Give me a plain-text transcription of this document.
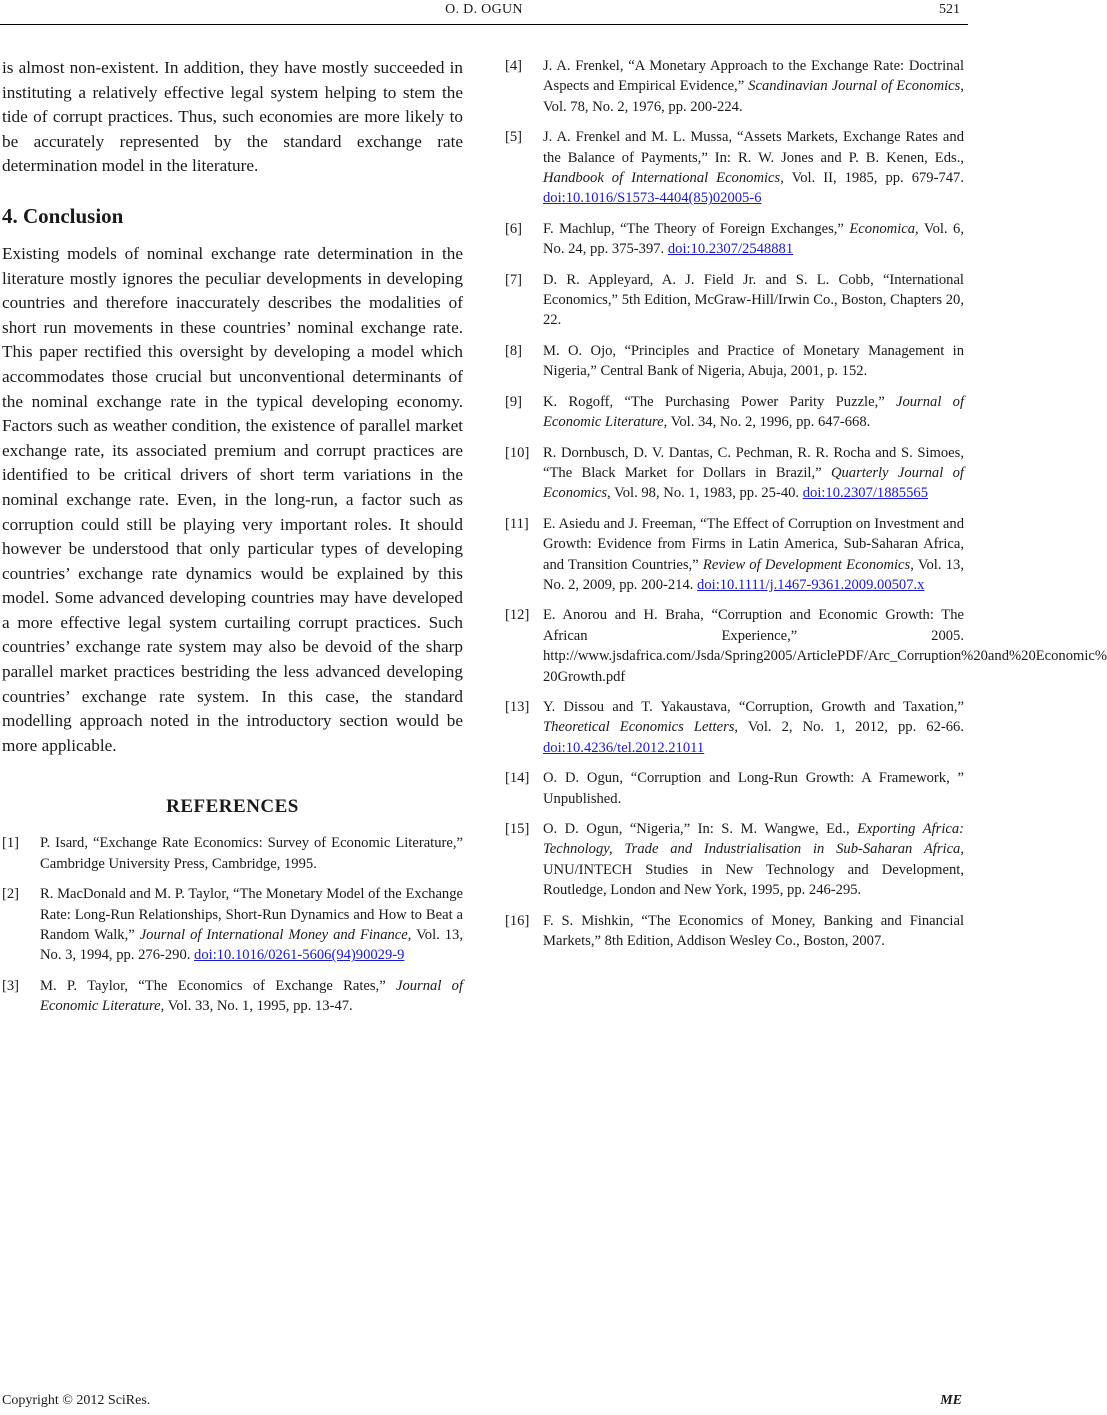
O. D. OGUN	521

is almost non-existent. In addition, they have mostly succeeded in instituting a relatively effective legal system helping to stem the tide of corrupt practices. Thus, such economies are more likely to be accurately represented by the standard exchange rate determination model in the literature.

4. Conclusion

Existing models of nominal exchange rate determination in the literature mostly ignores the peculiar developments in developing countries and therefore inaccurately describes the modalities of short run movements in these countries’ nominal exchange rate. This paper rectified this oversight by developing a model which accommodates those crucial but unconventional determinants of the nominal exchange rate in the typical developing economy. Factors such as weather condition, the existence of parallel market exchange rate, its associated premium and corrupt practices are identified to be critical drivers of short term variations in the nominal exchange rate. Even, in the long-run, a factor such as corruption could still be playing very important roles. It should however be understood that only particular types of developing countries’ exchange rate dynamics would be explained by this model. Some advanced developing countries may have developed a more effective legal system curtailing corrupt practices. Such countries’ exchange rate system may also be devoid of the sharp parallel market practices bestriding the less advanced developing countries’ exchange rate system. In this case, the standard modelling approach noted in the introductory section would be more applicable.

REFERENCES
[1] P. Isard, “Exchange Rate Economics: Survey of Economic Literature,” Cambridge University Press, Cambridge, 1995.
[2] R. MacDonald and M. P. Taylor, “The Monetary Model of the Exchange Rate: Long-Run Relationships, Short-Run Dynamics and How to Beat a Random Walk,” Journal of International Money and Finance, Vol. 13, No. 3, 1994, pp. 276-290. doi:10.1016/0261-5606(94)90029-9
[3] M. P. Taylor, “The Economics of Exchange Rates,” Journal of Economic Literature, Vol. 33, No. 1, 1995, pp. 13-47.
[4] J. A. Frenkel, “A Monetary Approach to the Exchange Rate: Doctrinal Aspects and Empirical Evidence,” Scandinavian Journal of Economics, Vol. 78, No. 2, 1976, pp. 200-224.
[5] J. A. Frenkel and M. L. Mussa, “Assets Markets, Exchange Rates and the Balance of Payments,” In: R. W. Jones and P. B. Kenen, Eds., Handbook of International Economics, Vol. II, 1985, pp. 679-747. doi:10.1016/S1573-4404(85)02005-6
[6] F. Machlup, “The Theory of Foreign Exchanges,” Economica, Vol. 6, No. 24, pp. 375-397. doi:10.2307/2548881
[7] D. R. Appleyard, A. J. Field Jr. and S. L. Cobb, “International Economics,” 5th Edition, McGraw-Hill/Irwin Co., Boston, Chapters 20, 22.
[8] M. O. Ojo, “Principles and Practice of Monetary Management in Nigeria,” Central Bank of Nigeria, Abuja, 2001, p. 152.
[9] K. Rogoff, “The Purchasing Power Parity Puzzle,” Journal of Economic Literature, Vol. 34, No. 2, 1996, pp. 647-668.
[10] R. Dornbusch, D. V. Dantas, C. Pechman, R. R. Rocha and S. Simoes, “The Black Market for Dollars in Brazil,” Quarterly Journal of Economics, Vol. 98, No. 1, 1983, pp. 25-40. doi:10.2307/1885565
[11] E. Asiedu and J. Freeman, “The Effect of Corruption on Investment and Growth: Evidence from Firms in Latin America, Sub-Saharan Africa, and Transition Countries,” Review of Development Economics, Vol. 13, No. 2, 2009, pp. 200-214. doi:10.1111/j.1467-9361.2009.00507.x
[12] E. Anorou and H. Braha, “Corruption and Economic Growth: The African Experience,” 2005. http://www.jsdafrica.com/Jsda/Spring2005/ArticlePDF/Arc_Corruption%20and%20Economic% 20Growth.pdf
[13] Y. Dissou and T. Yakaustava, “Corruption, Growth and Taxation,” Theoretical Economics Letters, Vol. 2, No. 1, 2012, pp. 62-66. doi:10.4236/tel.2012.21011
[14] O. D. Ogun, “Corruption and Long-Run Growth: A Framework, ” Unpublished.
[15] O. D. Ogun, “Nigeria,” In: S. M. Wangwe, Ed., Exporting Africa: Technology, Trade and Industrialisation in Sub-Saharan Africa, UNU/INTECH Studies in New Technology and Development, Routledge, London and New York, 1995, pp. 246-295.
[16] F. S. Mishkin, “The Economics of Money, Banking and Financial Markets,” 8th Edition, Addison Wesley Co., Boston, 2007.
Copyright © 2012 SciRes.	ME
